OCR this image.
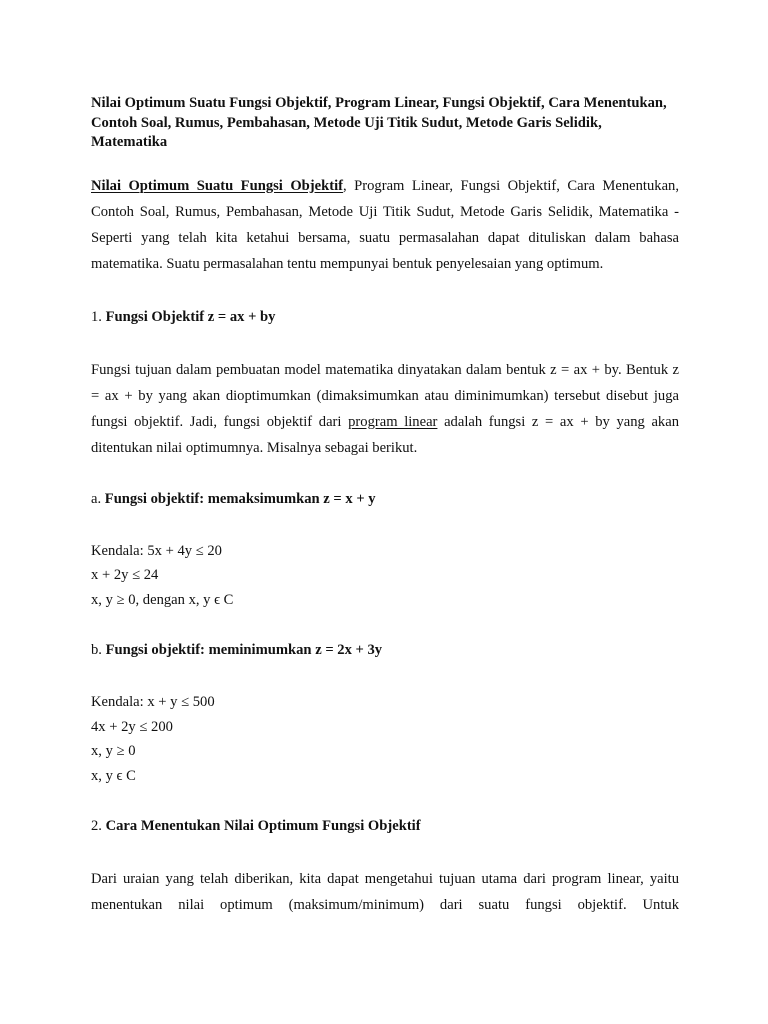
Nilai Optimum Suatu Fungsi Objektif, Program Linear, Fungsi Objektif, Cara Menentukan, Contoh Soal, Rumus, Pembahasan, Metode Uji Titik Sudut, Metode Garis Selidik, Matematika

Nilai Optimum Suatu Fungsi Objektif, Program Linear, Fungsi Objektif, Cara Menentukan, Contoh Soal, Rumus, Pembahasan, Metode Uji Titik Sudut, Metode Garis Selidik, Matematika - Seperti yang telah kita ketahui bersama, suatu permasalahan dapat dituliskan dalam bahasa matematika. Suatu permasalahan tentu mempunyai bentuk penyelesaian yang optimum.

1. Fungsi Objektif z = ax + by

Fungsi tujuan dalam pembuatan model matematika dinyatakan dalam bentuk z = ax + by. Bentuk z = ax + by yang akan dioptimumkan (dimaksimumkan atau diminimumkan) tersebut disebut juga fungsi objektif. Jadi, fungsi objektif dari program linear adalah fungsi z = ax + by yang akan ditentukan nilai optimumnya. Misalnya sebagai berikut.

a. Fungsi objektif: memaksimumkan z = x + y

Kendala: 5x + 4y ≤ 20

x + 2y ≤ 24

x, y ≥ 0, dengan x, y ϵ C

b. Fungsi objektif: meminimumkan z = 2x + 3y

Kendala: x + y ≤ 500

4x + 2y ≤ 200

x, y ≥ 0

x, y ϵ C

2. Cara Menentukan Nilai Optimum Fungsi Objektif

Dari uraian yang telah diberikan, kita dapat mengetahui tujuan utama dari program linear, yaitu

menentukan nilai optimum (maksimum/minimum) dari suatu fungsi objektif. Untuk
